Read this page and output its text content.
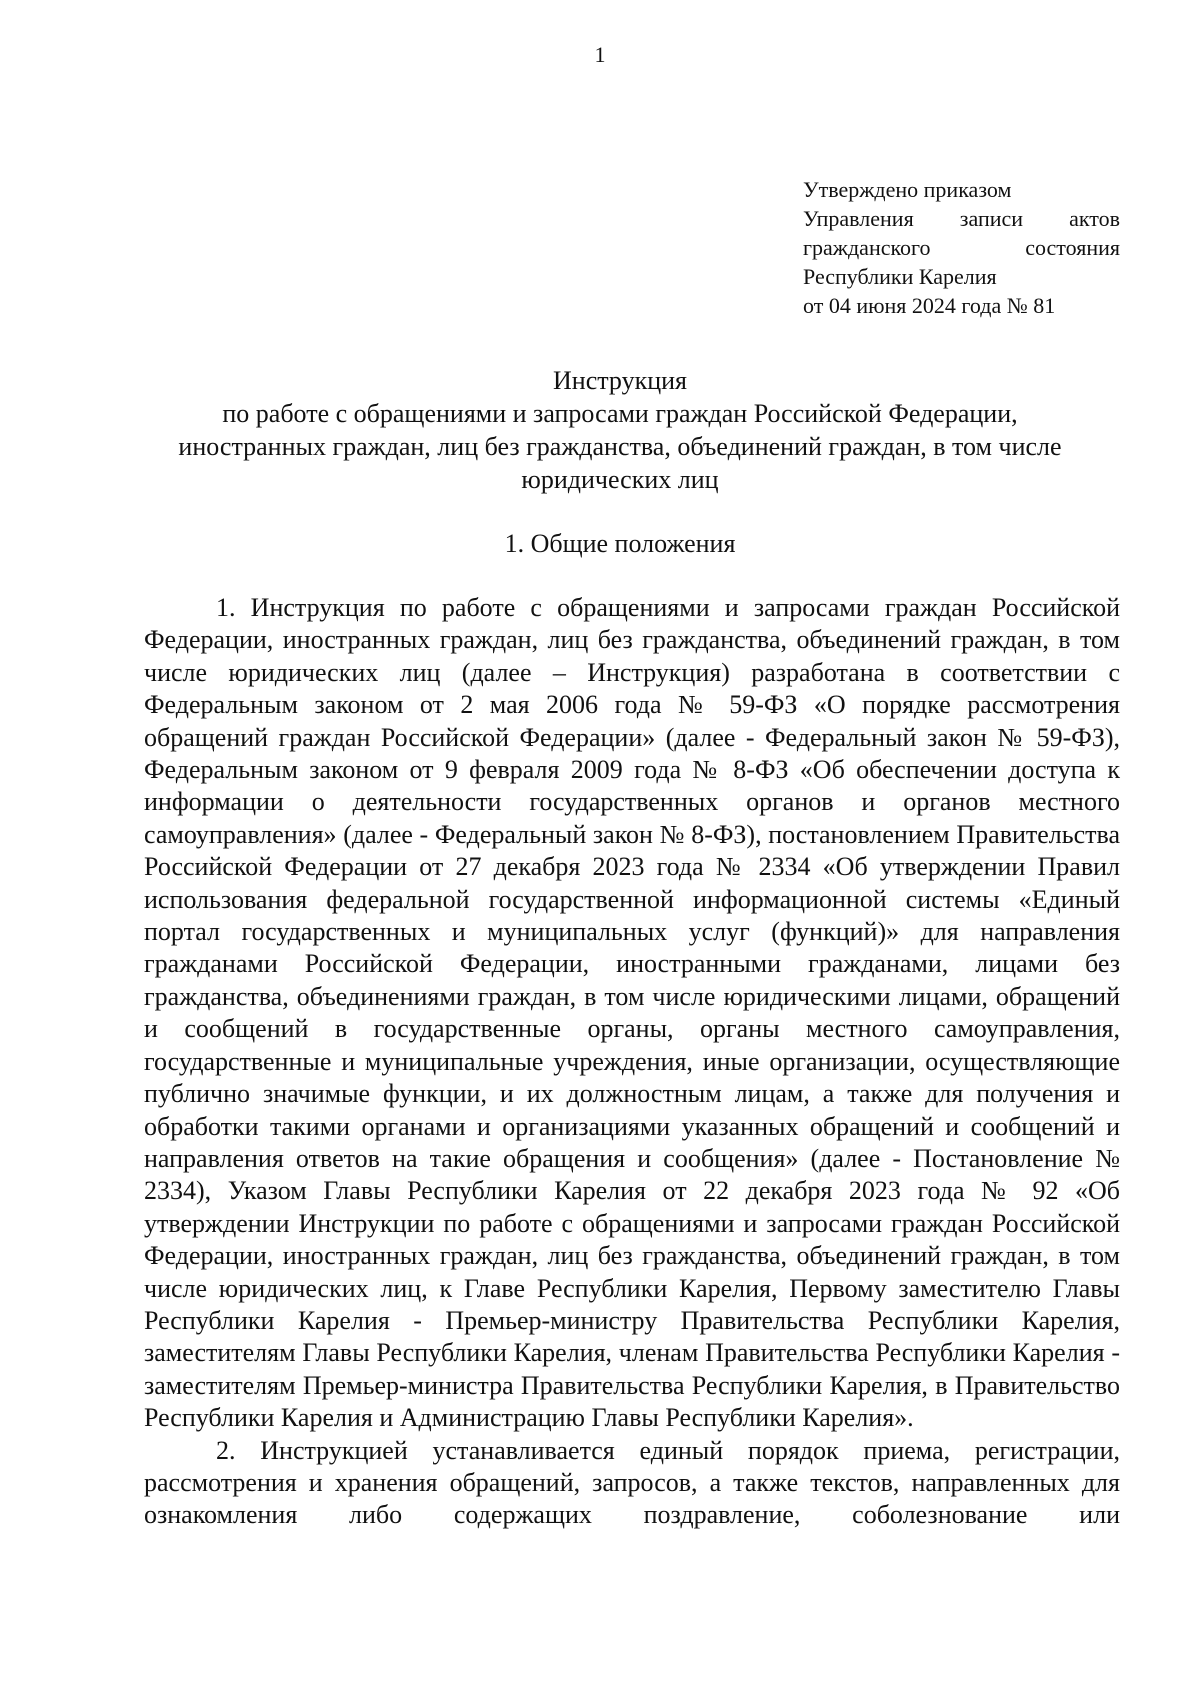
1
Утверждено приказом
Управления записи актов
гражданского	состояния
Республики Карелия
от 04 июня 2024 года № 81
Инструкция
по работе с обращениями и запросами граждан Российской Федерации,
иностранных граждан, лиц без гражданства, объединений граждан, в том числе
юридических лиц
1. Общие положения

1. Инструкция по работе с обращениями и запросами граждан Российской Федерации, иностранных граждан, лиц без гражданства, объединений граждан, в том числе юридических лиц (далее – Инструкция) разработана в соответствии с Федеральным законом от 2 мая 2006 года № 59-ФЗ «О порядке рассмотрения обращений граждан Российской Федерации» (далее - Федеральный закон № 59-ФЗ), Федеральным законом от 9 февраля 2009 года № 8-ФЗ «Об обеспечении доступа к информации о деятельности государственных органов и органов местного самоуправления» (далее - Федеральный закон № 8-ФЗ), постановлением Правительства Российской Федерации от 27 декабря 2023 года № 2334 «Об утверждении Правил использования федеральной государственной информационной системы «Единый портал государственных и муниципальных услуг (функций)» для направления гражданами Российской Федерации, иностранными гражданами, лицами без гражданства, объединениями граждан, в том числе юридическими лицами, обращений и сообщений в государственные органы, органы местного самоуправления, государственные и муниципальные учреждения, иные организации, осуществляющие публично значимые функции, и их должностным лицам, а также для получения и обработки такими органами и организациями указанных обращений и сообщений и направления ответов на такие обращения и сообщения» (далее - Постановление № 2334), Указом Главы Республики Карелия от 22 декабря 2023 года № 92 «Об утверждении Инструкции по работе с обращениями и запросами граждан Российской Федерации, иностранных граждан, лиц без гражданства, объединений граждан, в том числе юридических лиц, к Главе Республики Карелия, Первому заместителю Главы Республики Карелия - Премьер-министру Правительства Республики Карелия, заместителям Главы Республики Карелия, членам Правительства Республики Карелия - заместителям Премьер-министра Правительства Республики Карелия, в Правительство Республики Карелия и Администрацию Главы Республики Карелия».

2. Инструкцией устанавливается единый порядок приема, регистрации, рассмотрения и хранения обращений, запросов, а также текстов, направленных для ознакомления либо содержащих поздравление, соболезнование или
